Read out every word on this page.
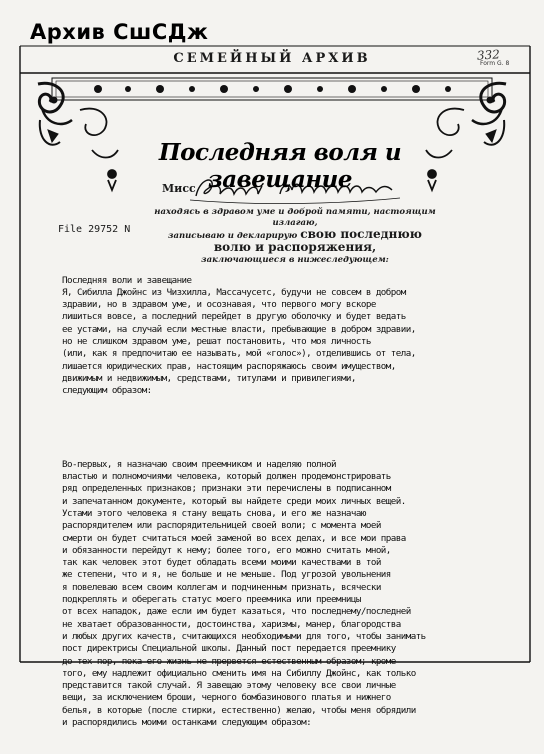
Архив СшСДж
СЕМЕЙНЫЙ АРХИВ	332
Form G. 8
Последняя воля и завещание
Мисс
находясь в здравом уме и доброй памяти, настоящим излагаю,
записываю и декларирую свою последнюю волю и распоряжения,
заключающиеся в нижеследующем:
File 29752 N

Последняя воли и завещание
Я, Сибилла Джойнс из Чизхилла, Массачусетс, будучи не совсем в добром
здравии, но в здравом уме, и осознавая, что первого могу вскоре
лишиться вовсе, а последний перейдет в другую оболочку и будет ведать
ее устами, на случай если местные власти, пребывающие в добром здравии,
но не слишком здравом уме, решат постановить, что моя личность
(или, как я предпочитаю ее называть, мой «голос»), отделившись от тела,
лишается юридических прав, настоящим распоряжаюсь своим имуществом,
движимым и недвижимым, средствами, титулами и привилегиями,
следующим образом:

Во-первых, я назначаю своим преемником и наделяю полной
властью и полномочиями человека, который должен продемонстрировать
ряд определенных признаков; признаки эти перечислены в подписанном
и запечатанном документе, который вы найдете среди моих личных вещей.
Устами этого человека я стану вещать снова, и его же назначаю
распорядителем или распорядительницей своей воли; с момента моей
смерти он будет считаться моей заменой во всех делах, и все мои права
и обязанности перейдут к нему; более того, его можно считать мной,
так как человек этот будет обладать всеми моими качествами в той
же степени, что и я, не больше и не меньше. Под угрозой увольнения
я повелеваю всем своим коллегам и подчиненным признать, всячески
подкреплять и оберегать статус моего преемника или преемницы
от всех нападок, даже если им будет казаться, что последнему/последней
не хватает образованности, достоинства, харизмы, манер, благородства
и любых других качеств, считающихся необходимыми для того, чтобы занимать
пост директрисы Специальной школы. Данный пост передается преемнику
до тех пор, пока его жизнь не прервется естественным образом; кроме
того, ему надлежит официально сменить имя на Сибиллу Джойнс, как только
представится такой случай. Я завещаю этому человеку все свои личные
вещи, за исключением броши, черного бомбазинового платья и нижнего
белья, в которые (после стирки, естественно) желаю, чтобы меня обрядили
и распорядились моими останками следующим образом:
